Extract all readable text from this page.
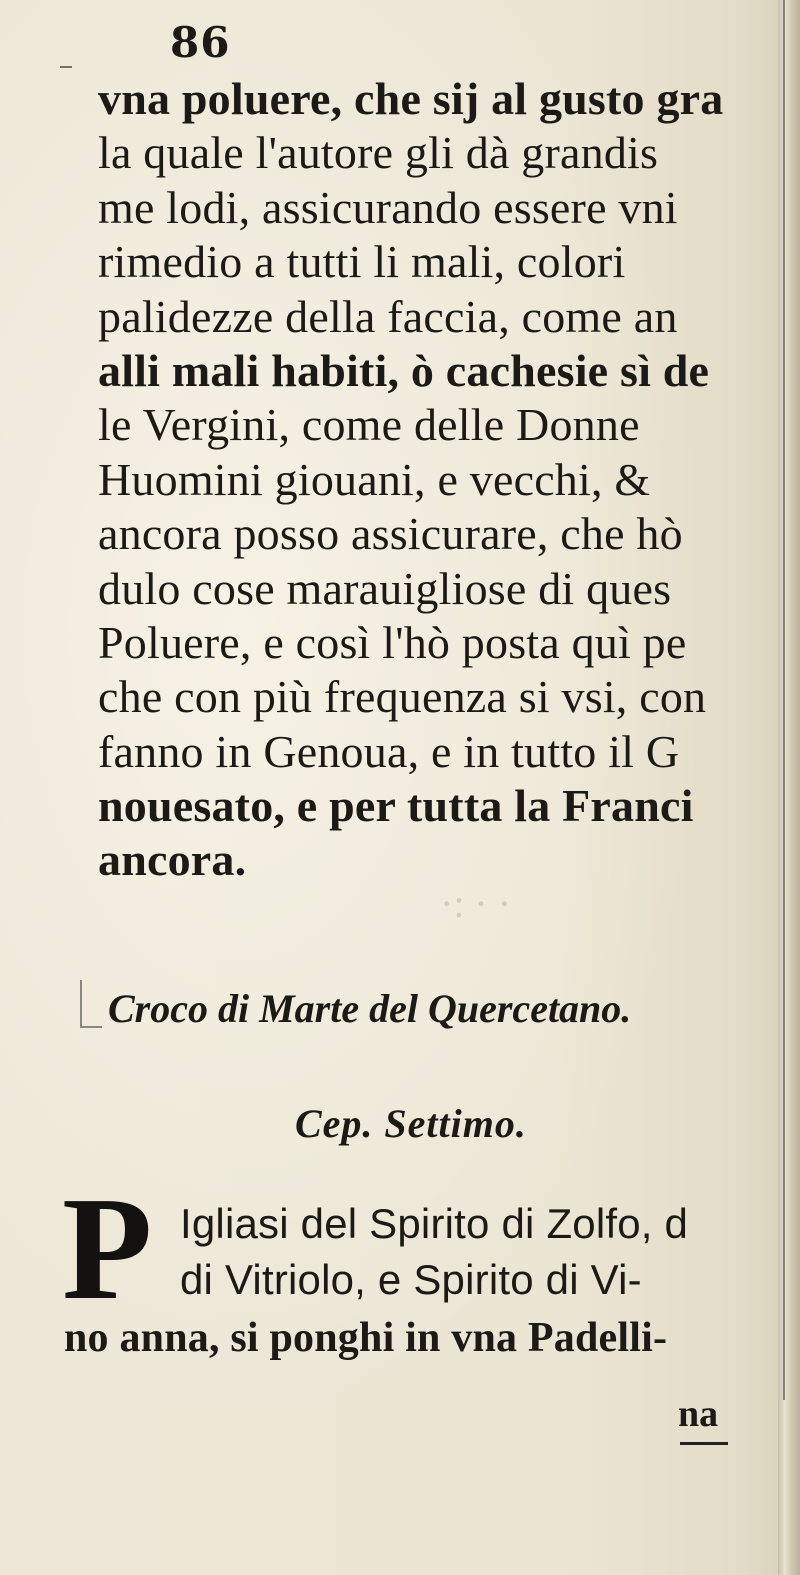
·: · ·
86
vna poluere, che sij al gusto gra
la quale l'autore gli dà grandis
me lodi, assicurando essere vni
rimedio a tutti li mali, colori
palidezze della faccia, come an
alli mali habiti, ò cachesie sì de
le Vergini, come delle Donne
Huomini giouani, e vecchi, &
ancora posso assicurare, che hò
dulo cose marauigliose di ques
Poluere, e così l'hò posta quì pe
che con più frequenza si vsi, con
fanno in Genoua, e in tutto il G
nouesato, e per tutta la Franci
ancora.
Croco di Marte del Quercetano.
Cep. Settimo.
P Igliasi del Spirito di Zolfo, d
di Vitriolo, e Spirito di Vi-
no anna, si ponghi in vna Padelli-
na
